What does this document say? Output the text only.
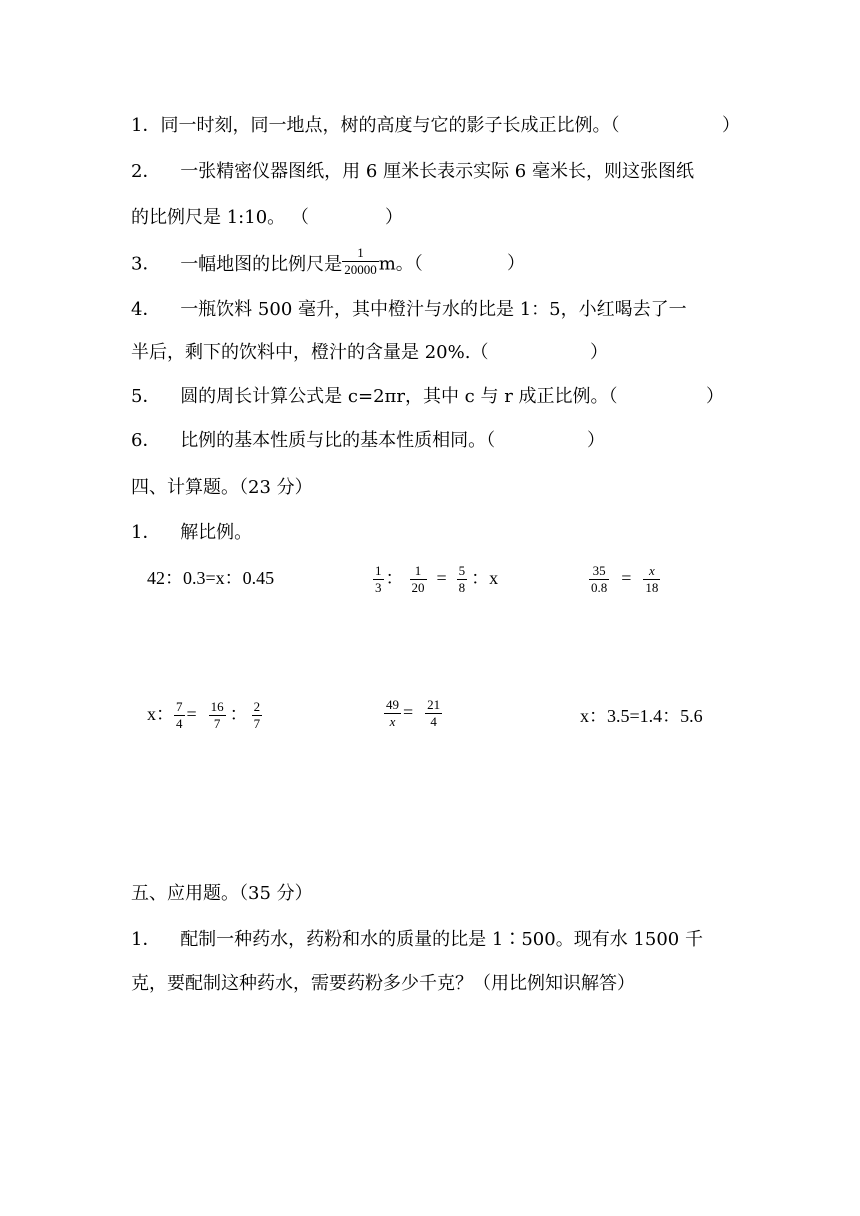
1．同一时刻，同一地点，树的高度与它的影子长成正比例。（	）
2． 一张精密仪器图纸，用 6 厘米长表示实际 6 毫米长，则这张图纸
的比例尺是 1:10。 （	）
3． 一幅地图的比例尺是 $\frac{1}{20000}$ m。（	）
4． 一瓶饮料 500 毫升，其中橙汁与水的比是 1：5，小红喝去了一
半后，剩下的饮料中，橙汁的含量是 20%.（	）
5． 圆的周长计算公式是 c=2πr，其中 c 与 r 成正比例。（	）
6． 比例的基本性质与比的基本性质相同。（	）
四、计算题。（23 分）
1． 解比例。
42：0.3=x：0.45	$\frac{1}{3}$ ： $\frac{1}{20} = \frac{5}{8}$ ：x	$\frac{35}{0.8} = \frac{x}{18}$
x： $\frac{7}{4} = \frac{16}{7}$ ： $\frac{2}{7}$	$\frac{49}{x} = \frac{21}{4}$	x：3.5=1.4：5.6
五、应用题。（35 分）
1． 配制一种药水，药粉和水的质量的比是 1∶500。现有水 1500 千
克，要配制这种药水，需要药粉多少千克？（用比例知识解答）
